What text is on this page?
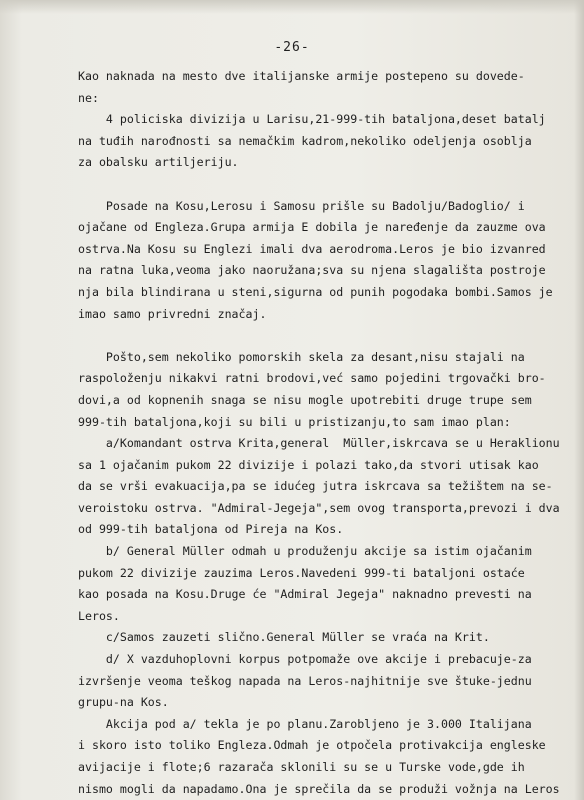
-26-
Kao naknada na mesto dve italijanske armije postepeno su dovede-
ne:
4 policiska divizija u Larisu,21-999-tih bataljona,deset batalj
na tuđih narođnosti sa nemačkim kadrom,nekoliko odeljenja osoblja
za obalsku artiljeriju.
Posade na Kosu,Lerosu i Samosu prišle su Badolju/Badoglio/ i
ojačane od Engleza.Grupa armija E dobila je naređenje da zauzme ova
ostrva.Na Kosu su Englezi imali dva aerodroma.Leros je bio izvanred
na ratna luka,veoma jako naoružana;sva su njena slagališta postroje
nja bila blindirana u steni,sigurna od punih pogodaka bombi.Samos je
imao samo privredni značaj.
Pošto,sem nekoliko pomorskih skela za desant,nisu stajali na
raspoloženju nikakvi ratni brodovi,već samo pojedini trgovački bro-
dovi,a od kopnenih snaga se nisu mogle upotrebiti druge trupe sem
999-tih bataljona,koji su bili u pristizanju,to sam imao plan:
a/Komandant ostrva Krita,general  Müller,iskrcava se u Heraklionu
sa 1 ojačanim pukom 22 divizije i polazi tako,da stvori utisak kao
da se vrši evakuacija,pa se idućeg jutra iskrcava sa težištem na se-
veroistoku ostrva. "Admiral-Jegeja",sem ovog transporta,prevozi i dva
od 999-tih bataljona od Pireja na Kos.
b/ General Müller odmah u produženju akcije sa istim ojačanim
pukom 22 divizije zauzima Leros.Navedeni 999-ti bataljoni ostaće
kao posada na Kosu.Druge će "Admiral Jegeja" naknadno prevesti na
Leros.
c/Samos zauzeti slično.General Müller se vraća na Krit.
d/ X vazduhoplovni korpus potpomaže ove akcije i prebacuje-za
izvršenje veoma teškog napada na Leros-najhitnije sve štuke-jednu
grupu-na Kos.
Akcija pod a/ tekla je po planu.Zarobljeno je 3.000 Italijana
i skoro isto toliko Engleza.Odmah je otpočela protivakcija engleske
avijacije i flote;6 razarača sklonili su se u Turske vode,gde ih
nismo mogli da napadamo.Ona je sprečila da se produži vožnja na Leros
